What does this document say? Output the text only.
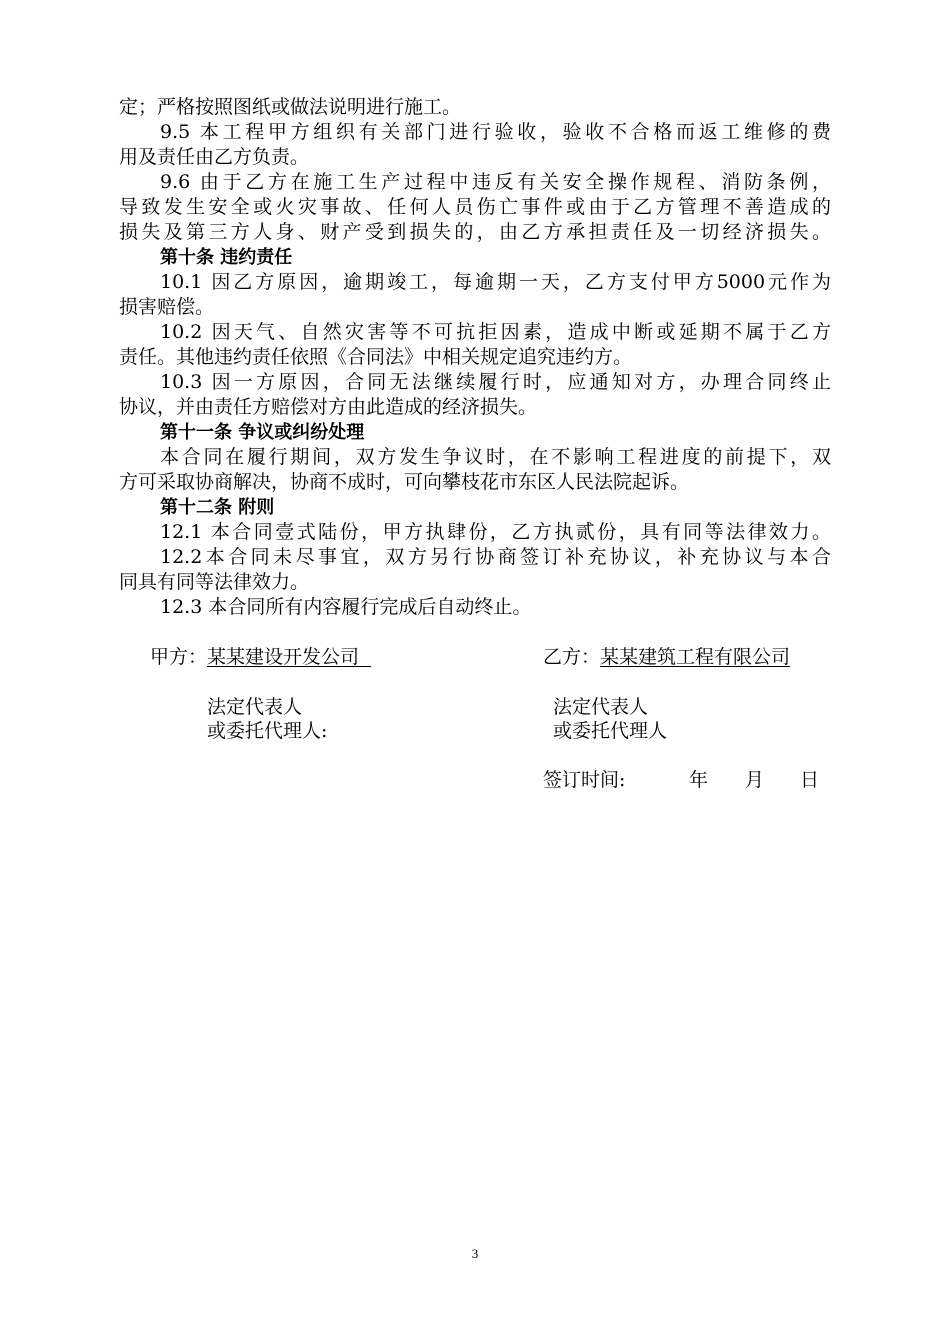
定；严格按照图纸或做法说明进行施工。
9.5 本工程甲方组织有关部门进行验收，验收不合格而返工维修的费
用及责任由乙方负责。
9.6 由于乙方在施工生产过程中违反有关安全操作规程、消防条例，
导致发生安全或火灾事故、任何人员伤亡事件或由于乙方管理不善造成的
损失及第三方人身、财产受到损失的，由乙方承担责任及一切经济损失。
第十条 违约责任
10.1 因乙方原因，逾期竣工，每逾期一天，乙方支付甲方5000元作为
损害赔偿。
10.2 因天气、自然灾害等不可抗拒因素，造成中断或延期不属于乙方
责任。其他违约责任依照《合同法》中相关规定追究违约方。
10.3 因一方原因，合同无法继续履行时，应通知对方，办理合同终止
协议，并由责任方赔偿对方由此造成的经济损失。
第十一条 争议或纠纷处理
本合同在履行期间，双方发生争议时，在不影响工程进度的前提下，双
方可采取协商解决，协商不成时，可向攀枝花市东区人民法院起诉。
第十二条 附则
12.1 本合同壹式陆份，甲方执肆份，乙方执贰份，具有同等法律效力。
12.2本合同未尽事宜，双方另行协商签订补充协议，补充协议与本合
同具有同等法律效力。
12.3 本合同所有内容履行完成后自动终止。
甲方：某某建设开发公司	乙方：某某建筑工程有限公司
法定代表人
或委托代理人:
法定代表人
或委托代理人
签订时间:	年 月 日
3
